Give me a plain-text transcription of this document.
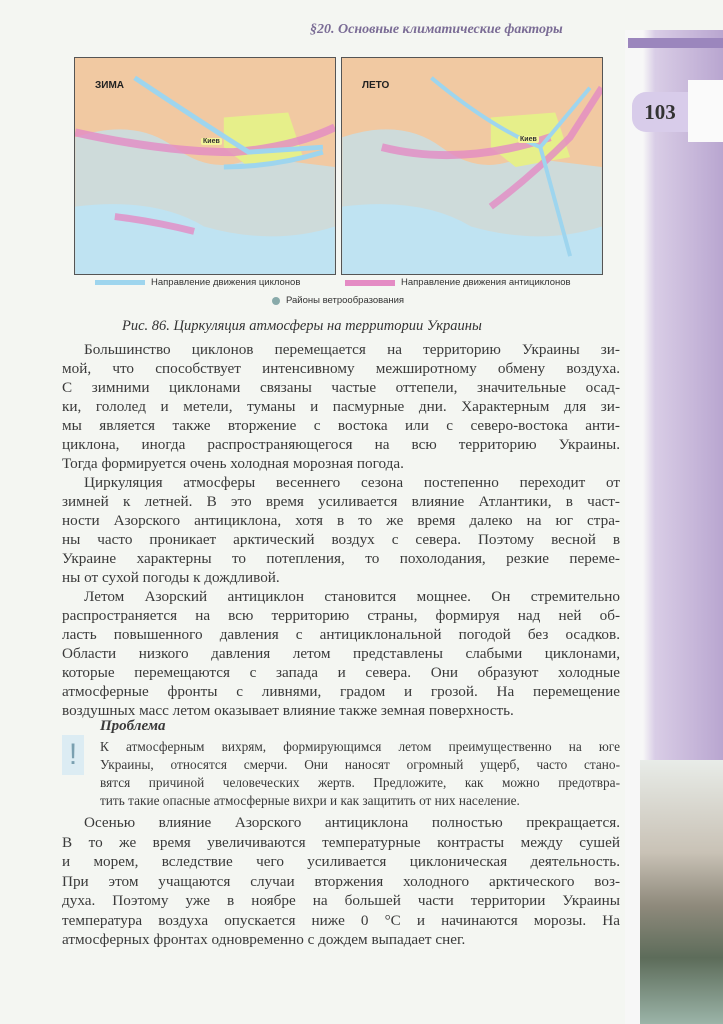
103
§20. Основные климатические факторы
ЗИМА
Киев
ЛЕТО
Киев
Направление движения циклонов	Направление движения антициклонов
Районы ветрообразования
Рис. 86. Циркуляция атмосферы на территории Украины
Большинство циклонов перемещается на территорию Украины зи-
мой, что способствует интенсивному межширотному обмену воздуха.
С зимними циклонами связаны частые оттепели, значительные осад-
ки, гололед и метели, туманы и пасмурные дни. Характерным для зи-
мы является также вторжение с востока или с северо-востока анти-
циклона, иногда распространяющегося на всю территорию Украины.
Тогда формируется очень холодная морозная погода.
Циркуляция атмосферы весеннего сезона постепенно переходит от
зимней к летней. В это время усиливается влияние Атлантики, в част-
ности Азорского антициклона, хотя в то же время далеко на юг стра-
ны часто проникает арктический воздух с севера. Поэтому весной в
Украине характерны то потепления, то похолодания, резкие переме-
ны от сухой погоды к дождливой.
Летом Азорский антициклон становится мощнее. Он стремительно
распространяется на всю территорию страны, формируя над ней об-
ласть повышенного давления с антициклональной погодой без осадков.
Области низкого давления летом представлены слабыми циклонами,
которые перемещаются с запада и севера. Они образуют холодные
атмосферные фронты с ливнями, градом и грозой. На перемещение
воздушных масс летом оказывает влияние также земная поверхность.
!
Проблема
К атмосферным вихрям, формирующимся летом преимущественно на юге
Украины, относятся смерчи. Они наносят огромный ущерб, часто стано-
вятся причиной человеческих жертв. Предложите, как можно предотвра-
тить такие опасные атмосферные вихри и как защитить от них население.
Осенью влияние Азорского антициклона полностью прекращается.
В то же время увеличиваются температурные контрасты между сушей
и морем, вследствие чего усиливается циклоническая деятельность.
При этом учащаются случаи вторжения холодного арктического воз-
духа. Поэтому уже в ноябре на большей части территории Украины
температура воздуха опускается ниже 0 °С и начинаются морозы. На
атмосферных фронтах одновременно с дождем выпадает снег.
